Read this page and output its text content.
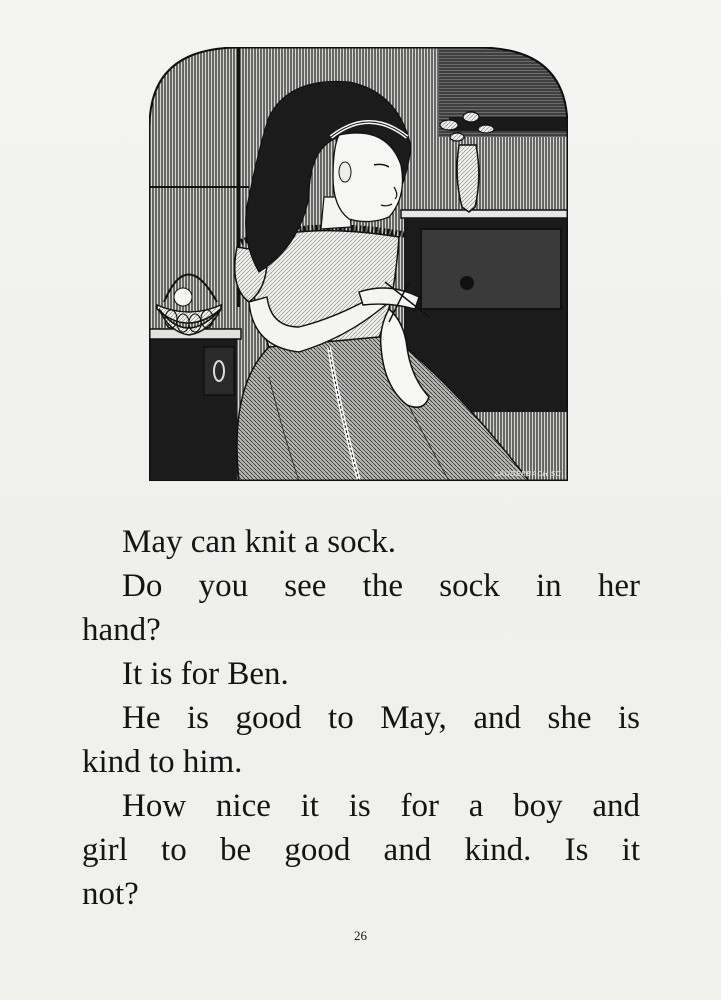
LAUDERBACH SC.
May can knit a sock.
Do you see the sock in her
hand?
It is for Ben.
He is good to May, and she is
kind to him.
How nice it is for a boy and
girl to be good and kind. Is it
not?
26
